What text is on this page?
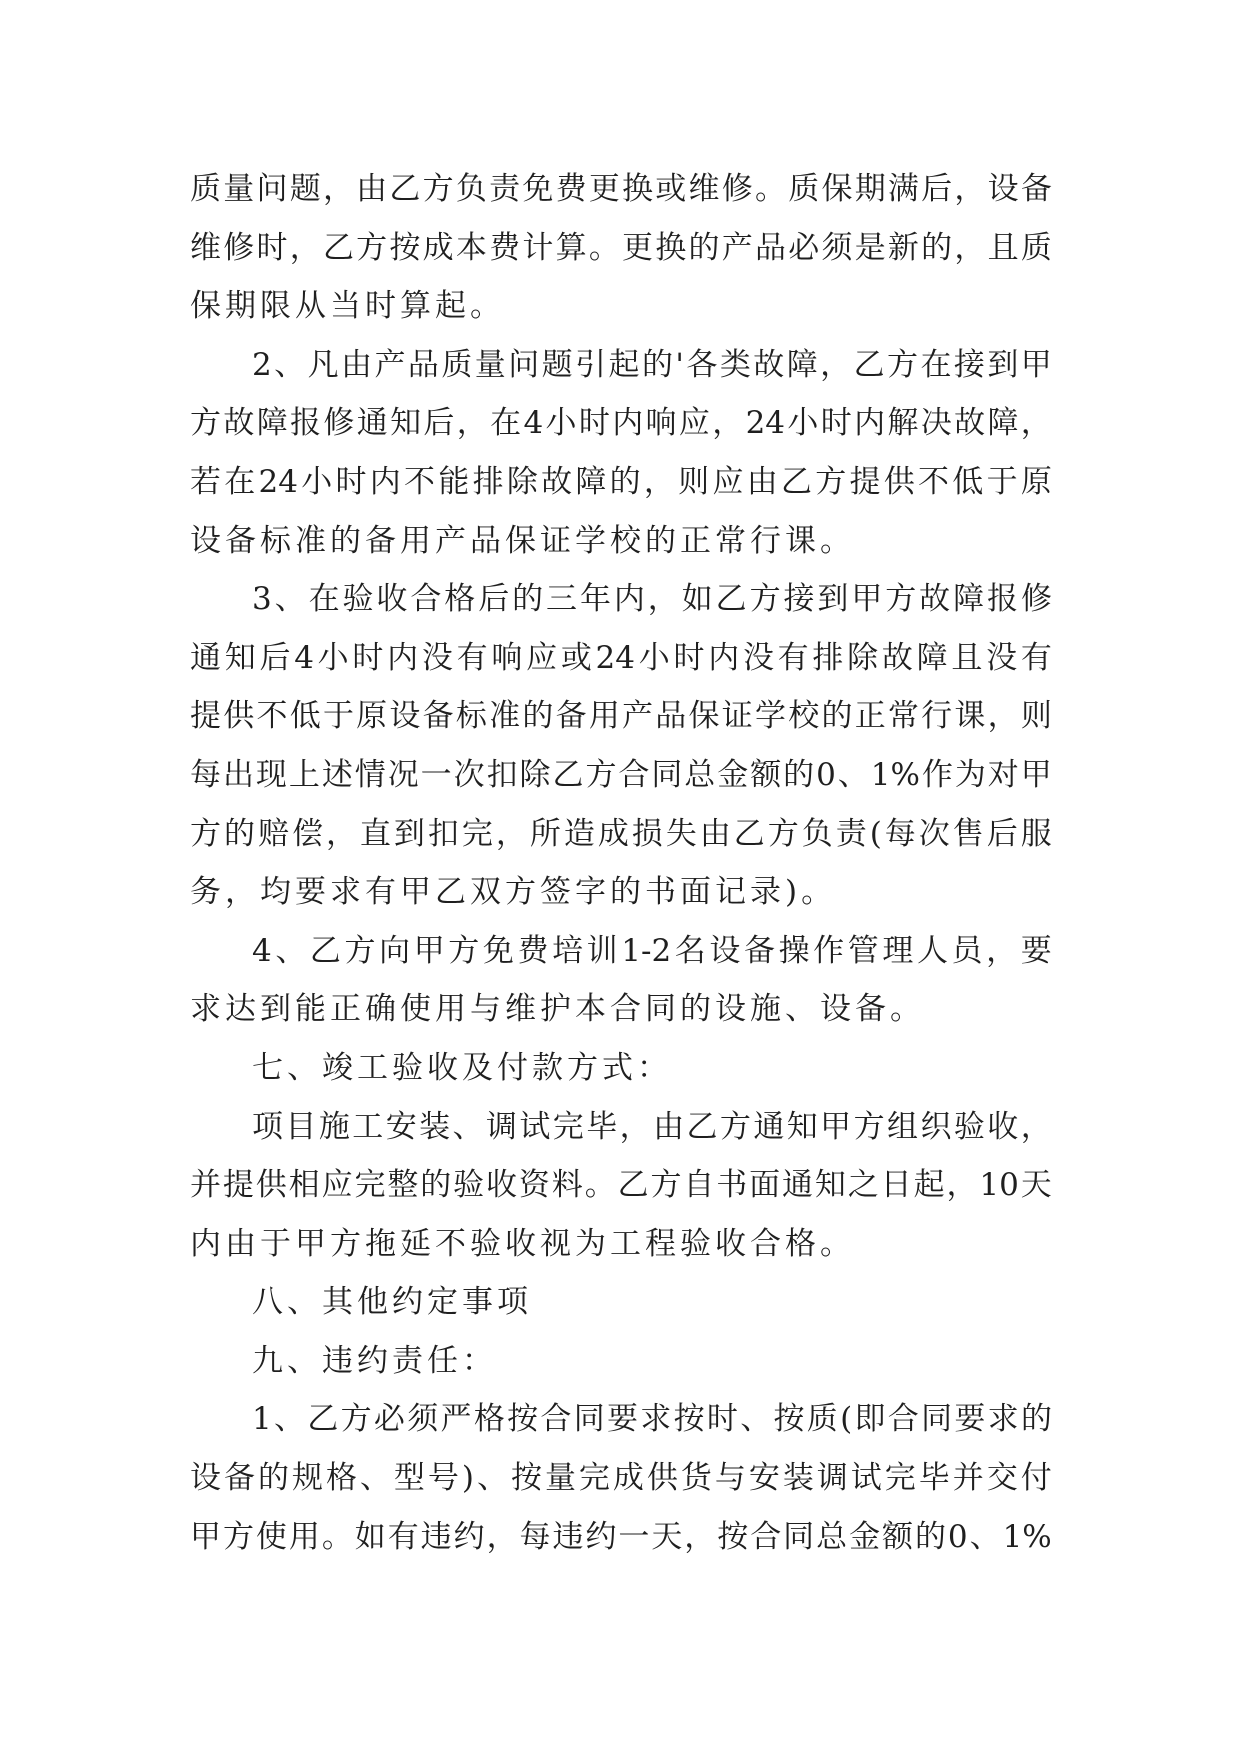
质 量 问 题 ， 由 乙 方 负 责 免 费 更 换 或 维 修 。 质 保 期 满 后 ， 设 备
维 修 时 ， 乙 方 按 成 本 费 计 算 。 更 换 的 产 品 必 须 是 新 的 ， 且 质
保期限从当时算起。
2 、 凡 由 产 品 质 量 问 题 引 起 的 ' 各 类 故 障 ， 乙 方 在 接 到 甲
方 故 障 报 修 通 知 后 ， 在 4 小 时 内 响 应 ， 24 小 时 内 解 决 故 障 ，
若 在 24 小 时 内 不 能 排 除 故 障 的 ， 则 应 由 乙 方 提 供 不 低 于 原
设备标准的备用产品保证学校的正常行课。
3 、 在 验 收 合 格 后 的 三 年 内 ， 如 乙 方 接 到 甲 方 故 障 报 修
通 知 后 4 小 时 内 没 有 响 应 或 24 小 时 内 没 有 排 除 故 障 且 没 有
提 供 不 低 于 原 设 备 标 准 的 备 用 产 品 保 证 学 校 的 正 常 行 课 ， 则
每 出 现 上 述 情 况 一 次 扣 除 乙 方 合 同 总 金 额 的 0 、 1% 作 为 对 甲
方 的 赔 偿 ， 直 到 扣 完 ， 所 造 成 损 失 由 乙 方 负 责 ( 每 次 售 后 服
务，均要求有甲乙双方签字的书面记录)。
4 、 乙 方 向 甲 方 免 费 培 训 1-2 名 设 备 操 作 管 理 人 员 ， 要
求达到能正确使用与维护本合同的设施、设备。
七、竣工验收及付款方式：
项 目 施 工 安 装 、 调 试 完 毕 ， 由 乙 方 通 知 甲 方 组 织 验 收 ，
并 提 供 相 应 完 整 的 验 收 资 料 。 乙 方 自 书 面 通 知 之 日 起 ， 10 天
内由于甲方拖延不验收视为工程验收合格。
八、其他约定事项
九、违约责任：
1 、 乙 方 必 须 严 格 按 合 同 要 求 按 时 、 按 质 ( 即 合 同 要 求 的
设 备 的 规 格 、 型 号 ) 、 按 量 完 成 供 货 与 安 装 调 试 完 毕 并 交 付
甲 方 使 用 。 如 有 违 约 ， 每 违 约 一 天 ， 按 合 同 总 金 额 的 0 、 1%
